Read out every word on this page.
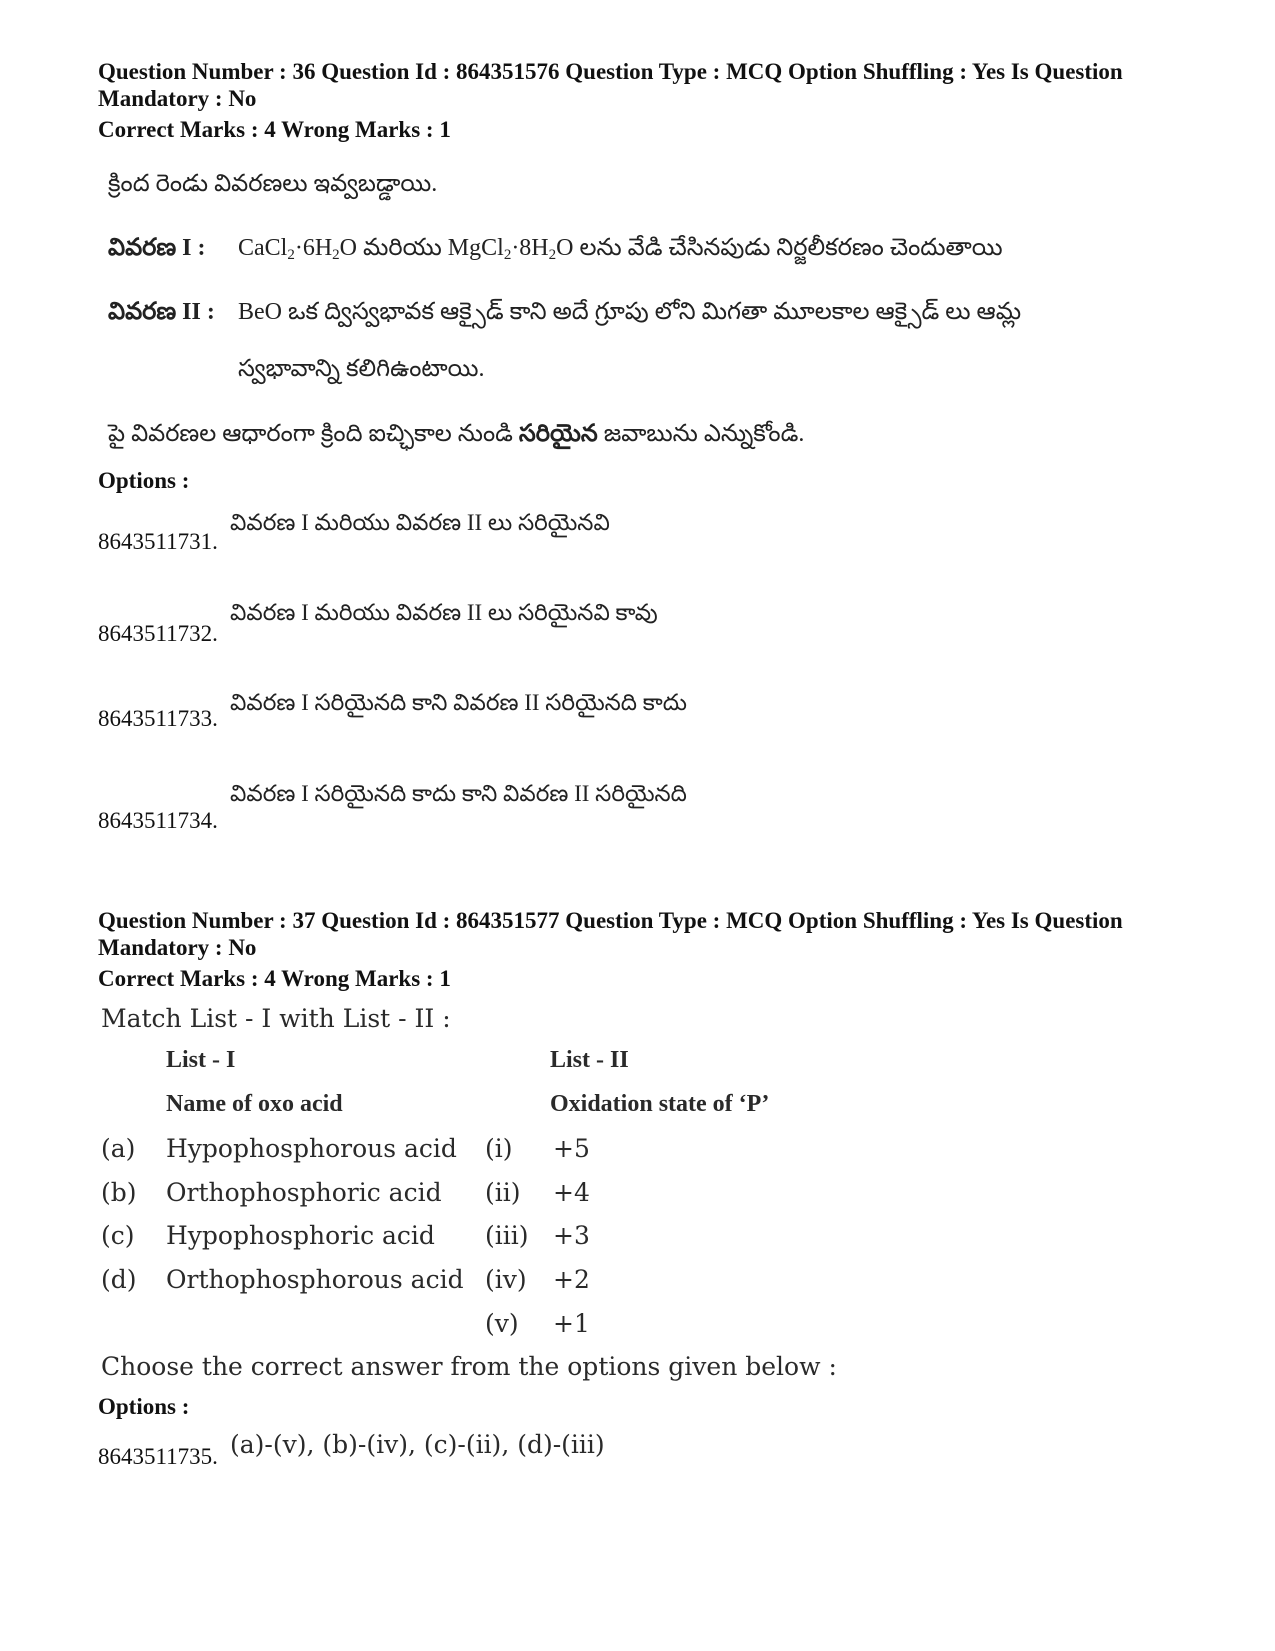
Question Number : 36 Question Id : 864351576 Question Type : MCQ Option Shuffling : Yes Is Question Mandatory : No
Correct Marks : 4 Wrong Marks : 1
క్రింద రెండు వివరణలు ఇవ్వబడ్డాయి.
వివరణ I : $CaCl_2\cdot 6H_2O$ మరియు $MgCl_2\cdot 8H_2O$ లను వేడి చేసినపుడు నిర్జలీకరణం చెందుతాయి
వివరణ II : BeO ఒక ద్విస్వభావక ఆక్సైడ్ కాని అదే గ్రూపు లోని మిగతా మూలకాల ఆక్సైడ్ లు ఆమ్ల
స్వభావాన్ని కలిగిఉంటాయి.
పై వివరణల ఆధారంగా క్రింది ఐచ్ఛికాల నుండి సరియైన జవాబును ఎన్నుకోండి.
Options :
వివరణ I మరియు వివరణ II లు సరియైనవి
8643511731.
వివరణ I మరియు వివరణ II లు సరియైనవి కావు
8643511732.
వివరణ I సరియైనది కాని వివరణ II సరియైనది కాదు
8643511733.
వివరణ I సరియైనది కాదు కాని వివరణ II సరియైనది
8643511734.
Question Number : 37 Question Id : 864351577 Question Type : MCQ Option Shuffling : Yes Is Question Mandatory : No
Correct Marks : 4 Wrong Marks : 1
Match List - I with List - II :
List - I	List - II
Name of oxo acid	Oxidation state of ‘P’
(a) Hypophosphorous acid (i) +5
(b) Orthophosphoric acid (ii) +4
(c) Hypophosphoric acid (iii) +3
(d) Orthophosphorous acid (iv) +2
(v) +1
Choose the correct answer from the options given below :
Options :
(a)-(v), (b)-(iv), (c)-(ii), (d)-(iii)
8643511735.
